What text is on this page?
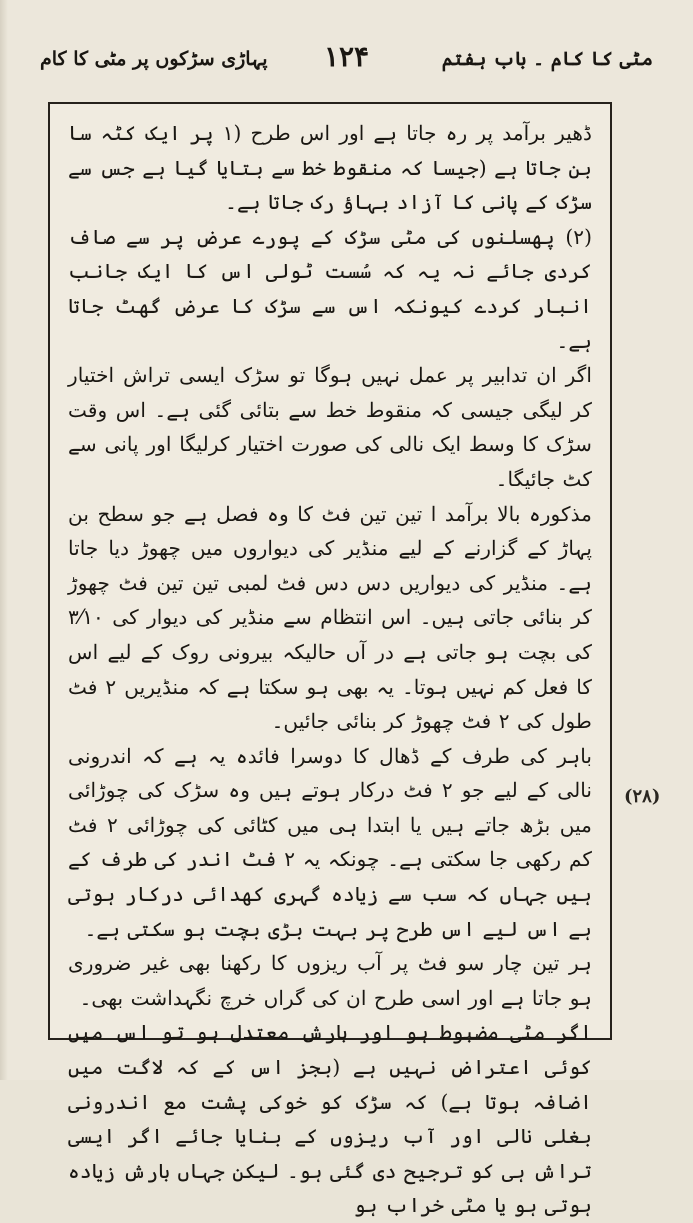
مٹی کا کام ۔ باب ہفتم
۱۲۴
پہاڑی سڑکوں پر مٹی کا کام

ڈھیر برآمد پر رہ جاتا ہے اور اس طرح (۱ پر ایک کٹہ سا بن جاتا ہے (جیسا کہ منقوط خط سے بتایا گیا ہے جس سے سڑک کے پانی کا آزاد بہاؤ رک جاتا ہے۔

(۲) پھسلنوں کی مٹی سڑک کے پورے عرض پر سے صاف کردی جائے نہ یہ کہ سُست ٹولی اس کا ایک جانب انبار کردے کیونکہ اس سے سڑک کا عرض گھٹ جاتا ہے۔

اگر ان تدابیر پر عمل نہیں ہوگا تو سڑک ایسی تراش اختیار کر لیگی جیسی کہ منقوط خط سے بتائی گئی ہے۔ اس وقت سڑک کا وسط ایک نالی کی صورت اختیار کرلیگا اور پانی سے کٹ جائیگا۔

مذکورہ بالا برآمد ا تین تین فٹ کا وہ فصل ہے جو سطح بن پہاڑ کے گزارنے کے لیے منڈیر کی دیواروں میں چھوڑ دیا جاتا ہے۔ منڈیر کی دیواریں دس دس فٹ لمبی تین تین فٹ چھوڑ کر بنائی جاتی ہیں۔ اس انتظام سے منڈیر کی دیوار کی ۳⁄۱۰ کی بچت ہو جاتی ہے در آں حالیکہ بیرونی روک کے لیے اس کا فعل کم نہیں ہوتا۔ یہ بھی ہو سکتا ہے کہ منڈیریں ۲ فٹ طول کی ۲ فٹ چھوڑ کر بنائی جائیں۔

باہر کی طرف کے ڈھال کا دوسرا فائدہ یہ ہے کہ اندرونی نالی کے لیے جو ۲ فٹ درکار ہوتے ہیں وہ سڑک کی چوڑائی میں بڑھ جاتے ہیں یا ابتدا ہی میں کٹائی کی چوڑائی ۲ فٹ کم رکھی جا سکتی ہے۔ چونکہ یہ ۲ فٹ اندر کی طرف کے ہیں جہاں کہ سب سے زیادہ گہری کھدائی درکار ہوتی ہے اس لیے اس طرح پر بہت بڑی بچت ہو سکتی ہے۔

ہر تین چار سو فٹ پر آب ریزوں کا رکھنا بھی غیر ضروری ہو جاتا ہے اور اسی طرح ان کی گراں خرچ نگہداشت بھی۔

اگر مٹی مضبوط ہو اور بارش معتدل ہو تو اس میں کوئی اعتراض نہیں ہے (بجز اس کے کہ لاگت میں اضافہ ہوتا ہے) کہ سڑک کو خوکی پشت مع اندرونی بغلی نالی اور آب ریزوں کے بنایا جائے اگر ایسی تراش ہی کو ترجیح دی گئی ہو۔ لیکن جہاں بارش زیادہ ہوتی ہو یا مٹی خراب ہو

(۲۸)
